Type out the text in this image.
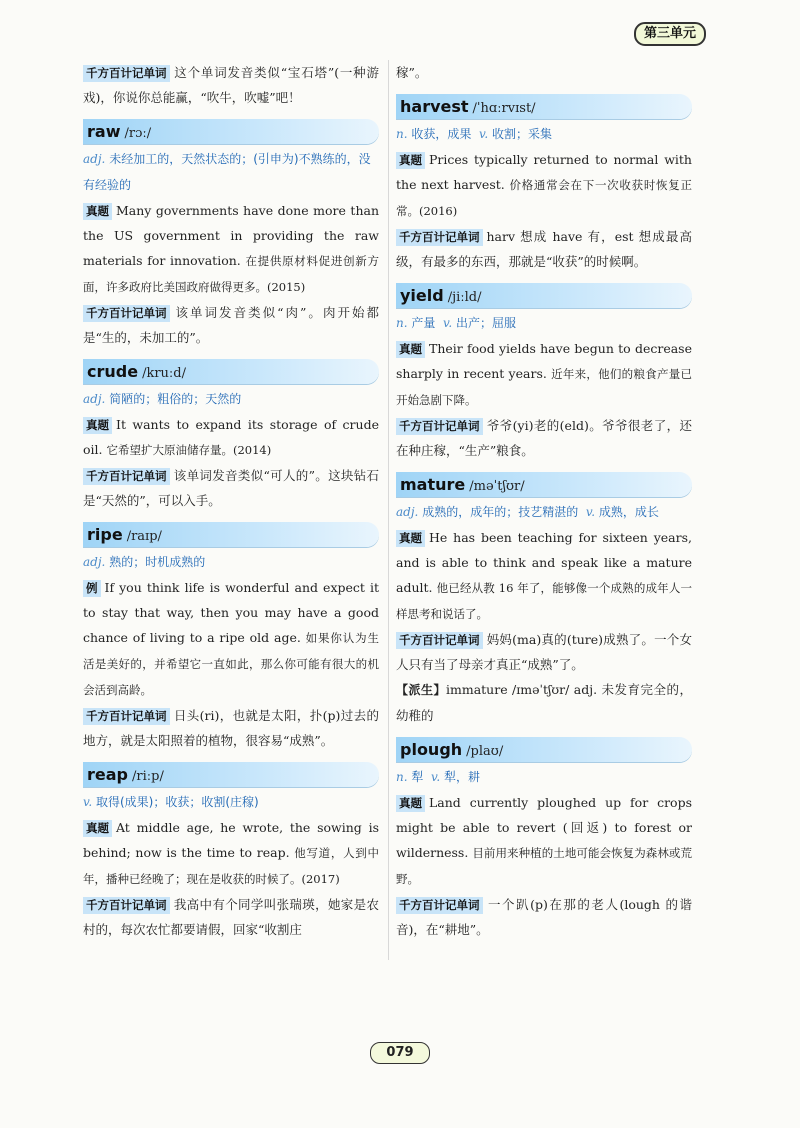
第三单元

千方百计记单词 这个单词发音类似“宝石塔”(一种游戏)，你说你总能赢，“吹牛，吹嘘”吧！

raw /rɔː/

adj. 未经加工的，天然状态的；(引申为)不熟练的，没有经验的

真题 Many governments have done more than the US government in providing the raw materials for innovation. 在提供原材料促进创新方面，许多政府比美国政府做得更多。(2015)

千方百计记单词 该单词发音类似“肉”。肉开始都是“生的，未加工的”。

crude /kruːd/

adj. 简陋的；粗俗的；天然的

真题 It wants to expand its storage of crude oil. 它希望扩大原油储存量。(2014)

千方百计记单词 该单词发音类似“可人的”。这块钻石是“天然的”，可以入手。

ripe /raɪp/

adj. 熟的；时机成熟的

例 If you think life is wonderful and expect it to stay that way, then you may have a good chance of living to a ripe old age. 如果你认为生活是美好的，并希望它一直如此，那么你可能有很大的机会活到高龄。

千方百计记单词 日头(ri)，也就是太阳，扑(p)过去的地方，就是太阳照着的植物，很容易“成熟”。

reap /riːp/

v. 取得(成果)；收获；收割(庄稼)

真题 At middle age, he wrote, the sowing is behind; now is the time to reap. 他写道，人到中年，播种已经晚了；现在是收获的时候了。(2017)

千方百计记单词 我高中有个同学叫张瑞瑛，她家是农村的，每次农忙都要请假，回家“收割庄

稼”。

harvest /ˈhɑːrvɪst/

n. 收获，成果 v. 收割；采集

真题 Prices typically returned to normal with the next harvest. 价格通常会在下一次收获时恢复正常。(2016)

千方百计记单词 harv 想成 have 有，est 想成最高级，有最多的东西，那就是“收获”的时候啊。

yield /jiːld/

n. 产量 v. 出产；屈服

真题 Their food yields have begun to decrease sharply in recent years. 近年来，他们的粮食产量已开始急剧下降。

千方百计记单词 爷爷(yi)老的(eld)。爷爷很老了，还在种庄稼，“生产”粮食。

mature /məˈtʃʊr/

adj. 成熟的，成年的；技艺精湛的 v. 成熟，成长

真题 He has been teaching for sixteen years, and is able to think and speak like a mature adult. 他已经从教 16 年了，能够像一个成熟的成年人一样思考和说话了。

千方百计记单词 妈妈(ma)真的(ture)成熟了。一个女人只有当了母亲才真正“成熟”了。

【派生】immature /ɪməˈtʃʊr/ adj. 未发育完全的，幼稚的

plough /plaʊ/

n. 犁 v. 犁，耕

真题 Land currently ploughed up for crops might be able to revert (回返) to forest or wilderness. 目前用来种植的土地可能会恢复为森林或荒野。

千方百计记单词 一个趴(p)在那的老人(lough 的谐音)，在“耕地”。

079
